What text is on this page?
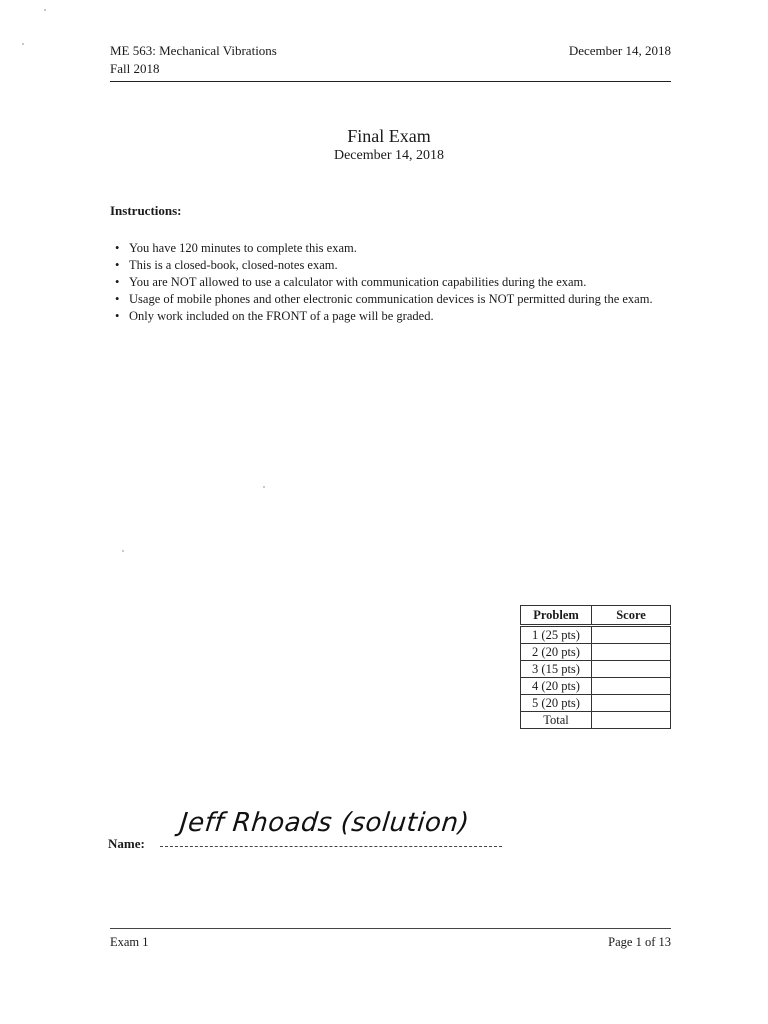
ME 563: Mechanical Vibrations
Fall 2018
December 14, 2018
Final Exam
December 14, 2018
Instructions:
• You have 120 minutes to complete this exam.
• This is a closed-book, closed-notes exam.
• You are NOT allowed to use a calculator with communication capabilities during the exam.
• Usage of mobile phones and other electronic communication devices is NOT permitted during the exam.
• Only work included on the FRONT of a page will be graded.
Problem	Score
1 (25 pts)	
2 (20 pts)	
3 (15 pts)	
4 (20 pts)	
5 (20 pts)	
Total	
Name:
Jeff Rhoads (solution)
Exam 1	Page 1 of 13
